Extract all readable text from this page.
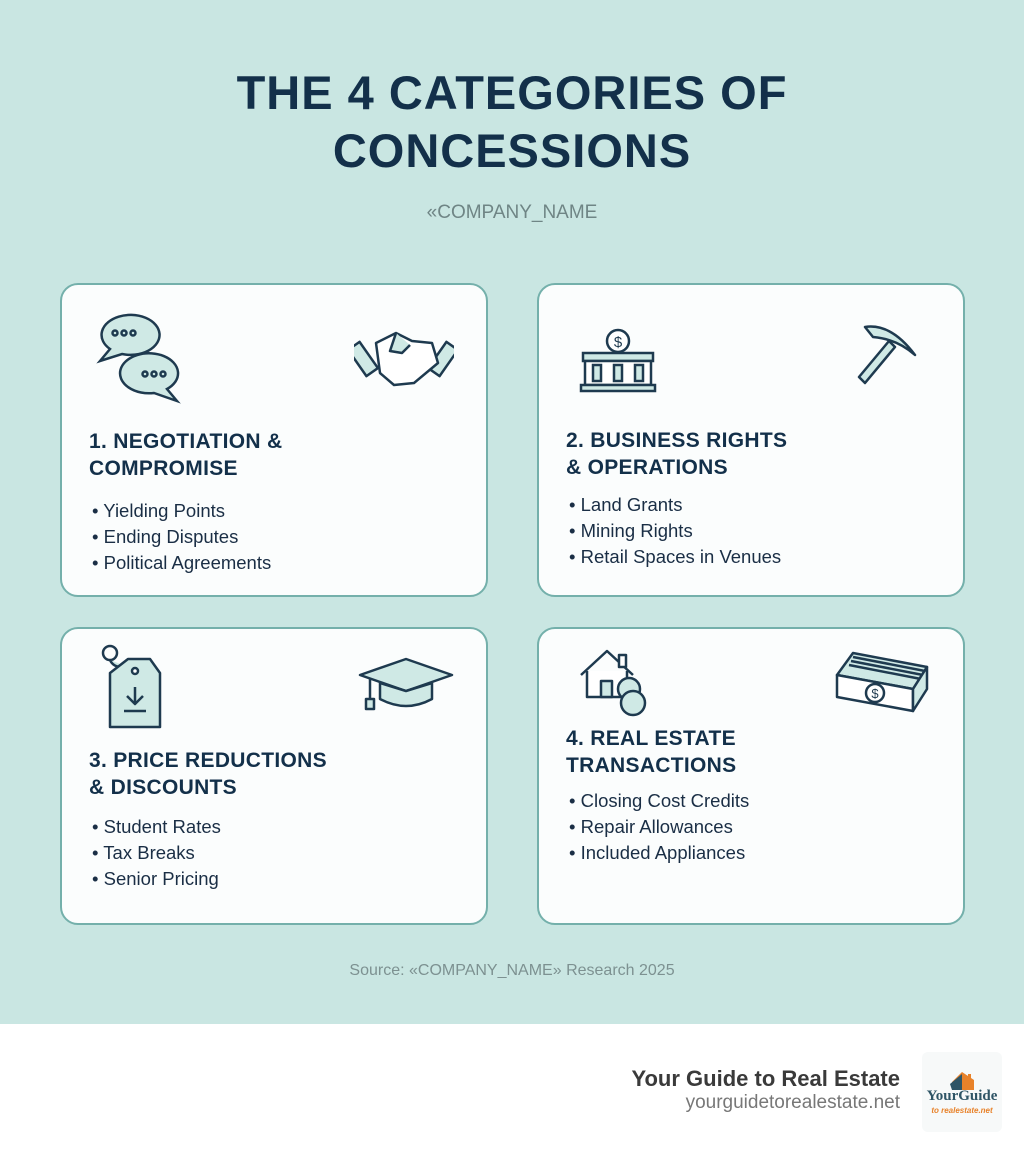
THE 4 CATEGORIES OF
CONCESSIONS
«COMPANY_NAME
1. NEGOTIATION &
COMPROMISE
• Yielding Points
• Ending Disputes
• Political Agreements
$
2. BUSINESS RIGHTS
& OPERATIONS
• Land Grants
• Mining Rights
• Retail Spaces in Venues
3. PRICE REDUCTIONS
& DISCOUNTS
• Student Rates
• Tax Breaks
• Senior Pricing
$
4. REAL ESTATE
TRANSACTIONS
• Closing Cost Credits
• Repair Allowances
• Included Appliances
Source: «COMPANY_NAME» Research 2025
Your Guide to Real Estate
yourguidetorealestate.net	YourGuide
to realestate.net
